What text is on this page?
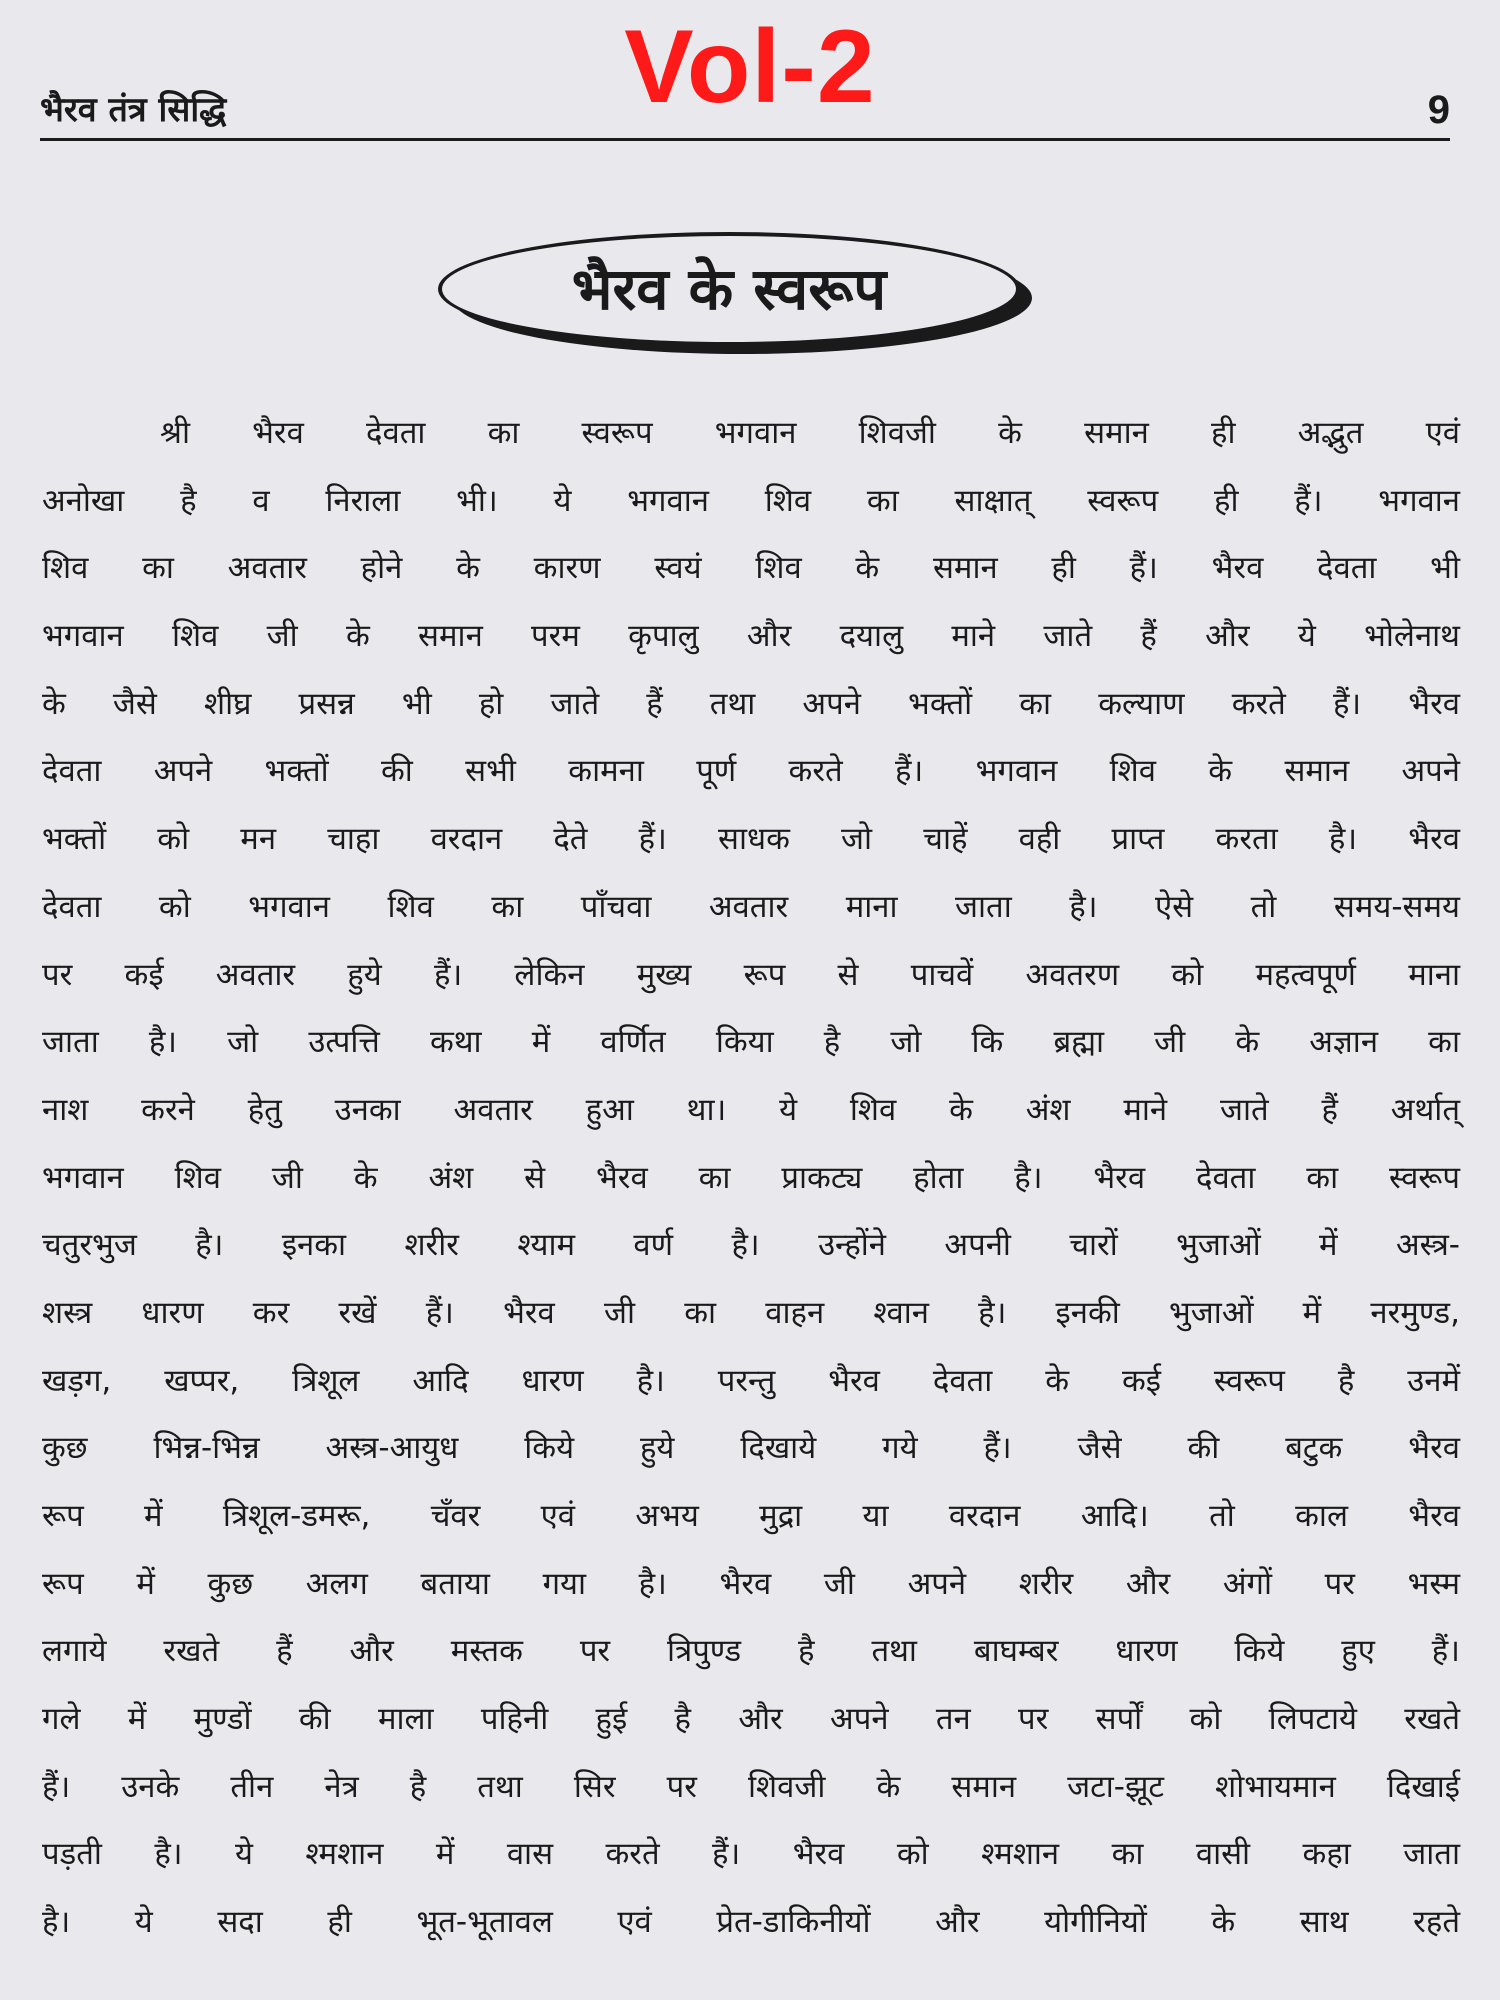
Vol-2
भैरव तंत्र सिद्धि	9
भैरव के स्वरूप
श्री भैरव देवता का स्वरूप भगवान शिवजी के समान ही अद्भुत एवं
अनोखा है व निराला भी। ये भगवान शिव का साक्षात् स्वरूप ही हैं। भगवान
शिव का अवतार होने के कारण स्वयं शिव के समान ही हैं। भैरव देवता भी
भगवान शिव जी के समान परम कृपालु और दयालु माने जाते हैं और ये भोलेनाथ
के जैसे शीघ्र प्रसन्न भी हो जाते हैं तथा अपने भक्तों का कल्याण करते हैं। भैरव
देवता अपने भक्तों की सभी कामना पूर्ण करते हैं। भगवान शिव के समान अपने
भक्तों को मन चाहा वरदान देते हैं। साधक जो चाहें वही प्राप्त करता है। भैरव
देवता को भगवान शिव का पाँचवा अवतार माना जाता है। ऐसे तो समय-समय
पर कई अवतार हुये हैं। लेकिन मुख्य रूप से पाचवें अवतरण को महत्वपूर्ण माना
जाता है। जो उत्पत्ति कथा में वर्णित किया है जो कि ब्रह्मा जी के अज्ञान का
नाश करने हेतु उनका अवतार हुआ था। ये शिव के अंश माने जाते हैं अर्थात्
भगवान शिव जी के अंश से भैरव का प्राकट्य होता है। भैरव देवता का स्वरूप
चतुरभुज है। इनका शरीर श्याम वर्ण है। उन्होंने अपनी चारों भुजाओं में अस्त्र-
शस्त्र धारण कर रखें हैं। भैरव जी का वाहन श्वान है। इनकी भुजाओं में नरमुण्ड,
खड़ग, खप्पर, त्रिशूल आदि धारण है। परन्तु भैरव देवता के कई स्वरूप है उनमें
कुछ भिन्न-भिन्न अस्त्र-आयुध किये हुये दिखाये गये हैं। जैसे की बटुक भैरव
रूप में त्रिशूल-डमरू, चँवर एवं अभय मुद्रा या वरदान आदि। तो काल भैरव
रूप में कुछ अलग बताया गया है। भैरव जी अपने शरीर और अंगों पर भस्म
लगाये रखते हैं और मस्तक पर त्रिपुण्ड है तथा बाघम्बर धारण किये हुए हैं।
गले में मुण्डों की माला पहिनी हुई है और अपने तन पर सर्पों को लिपटाये रखते
हैं। उनके तीन नेत्र है तथा सिर पर शिवजी के समान जटा-झूट शोभायमान दिखाई
पड़ती है। ये श्मशान में वास करते हैं। भैरव को श्मशान का वासी कहा जाता
है। ये सदा ही भूत-भूतावल एवं प्रेत-डाकिनीयों और योगीनियों के साथ रहते
